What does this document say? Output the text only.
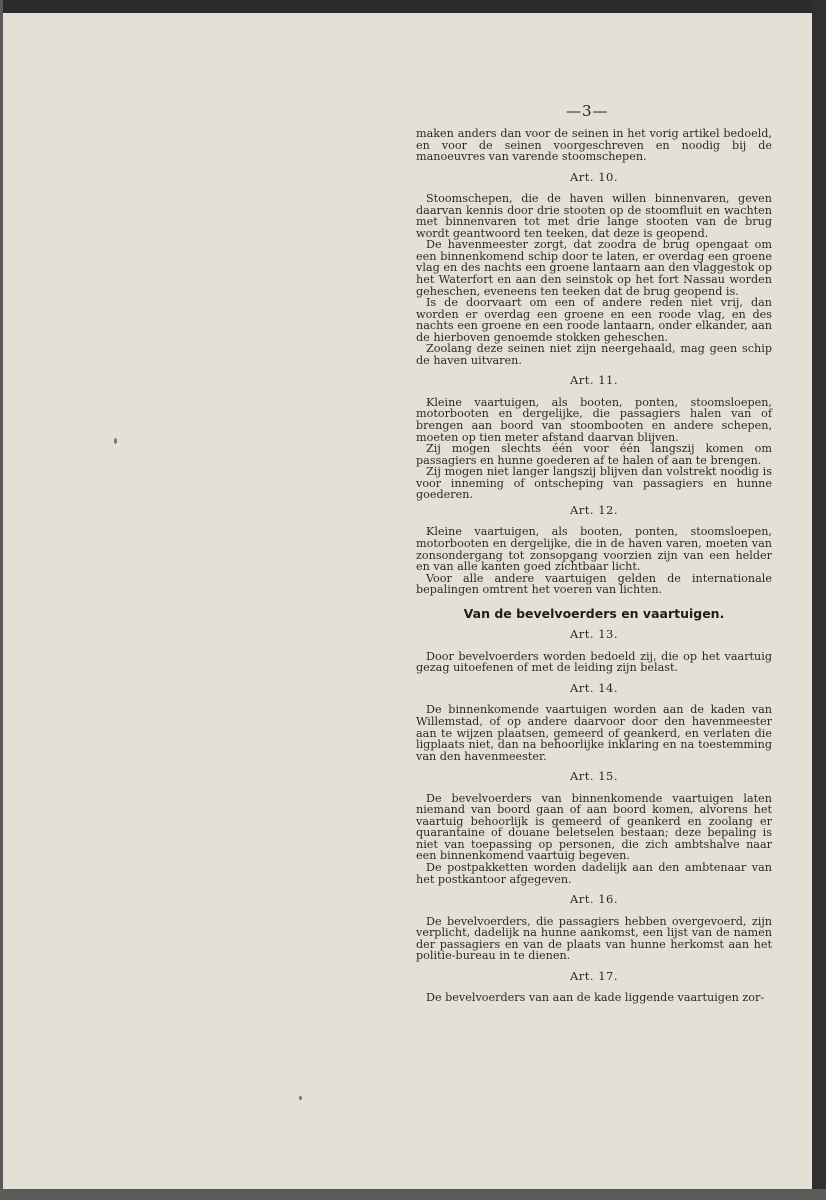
—3—

maken anders dan voor de seinen in het vorig artikel bedoeld, en voor de seinen voorgeschreven en noodig bij de manoeuvres van varende stoomschepen.

Art. 10.

Stoomschepen, die de haven willen binnenvaren, geven daarvan kennis door drie stooten op de stoomfluit en wachten met binnenvaren tot met drie lange stooten van de brug wordt geantwoord ten teeken, dat deze is geopend.

De havenmeester zorgt, dat zoodra de brug opengaat om een binnenkomend schip door te laten, er overdag een groene vlag en des nachts een groene lantaarn aan den vlaggestok op het Waterfort en aan den seinstok op het fort Nassau worden geheschen, eveneens ten teeken dat de brug geopend is.

Is de doorvaart om een of andere reden niet vrij, dan worden er overdag een groene en een roode vlag, en des nachts een groene en een roode lantaarn, onder elkander, aan de hierboven genoemde stokken geheschen.

Zoolang deze seinen niet zijn neergehaald, mag geen schip de haven uitvaren.

Art. 11.

Kleine vaartuigen, als booten, ponten, stoomsloepen, motorbooten en dergelijke, die passagiers halen van of brengen aan boord van stoombooten en andere schepen, moeten op tien meter afstand daarvan blijven.

Zij mogen slechts één voor één langszij komen om passagiers en hunne goederen af te halen of aan te brengen.

Zij mogen niet langer langszij blijven dan volstrekt noodig is voor inneming of ontscheping van passagiers en hunne goederen.

Art. 12.

Kleine vaartuigen, als booten, ponten, stoomsloepen, motorbooten en dergelijke, die in de haven varen, moeten van zonsondergang tot zonsopgang voorzien zijn van een helder en van alle kanten goed zichtbaar licht.

Voor alle andere vaartuigen gelden de internationale bepalingen omtrent het voeren van lichten.

Van de bevelvoerders en vaartuigen.
Art. 13.

Door bevelvoerders worden bedoeld zij, die op het vaartuig gezag uitoefenen of met de leiding zijn belast.

Art. 14.

De binnenkomende vaartuigen worden aan de kaden van Willemstad, of op andere daarvoor door den havenmeester aan te wijzen plaatsen, gemeerd of geankerd, en verlaten die ligplaats niet, dan na behoorlijke inklaring en na toestemming van den havenmeester.

Art. 15.

De bevelvoerders van binnenkomende vaartuigen laten niemand van boord gaan of aan boord komen, alvorens het vaartuig behoorlijk is gemeerd of geankerd en zoolang er quarantaine of douane beletselen bestaan; deze bepaling is niet van toepassing op personen, die zich ambtshalve naar een binnenkomend vaartuig begeven.

De postpakketten worden dadelijk aan den ambtenaar van het postkantoor afgegeven.

Art. 16.

De bevelvoerders, die passagiers hebben overgevoerd, zijn verplicht, dadelijk na hunne aankomst, een lijst van de namen der passagiers en van de plaats van hunne herkomst aan het politie-bureau in te dienen.

Art. 17.

De bevelvoerders van aan de kade liggende vaartuigen zor-
